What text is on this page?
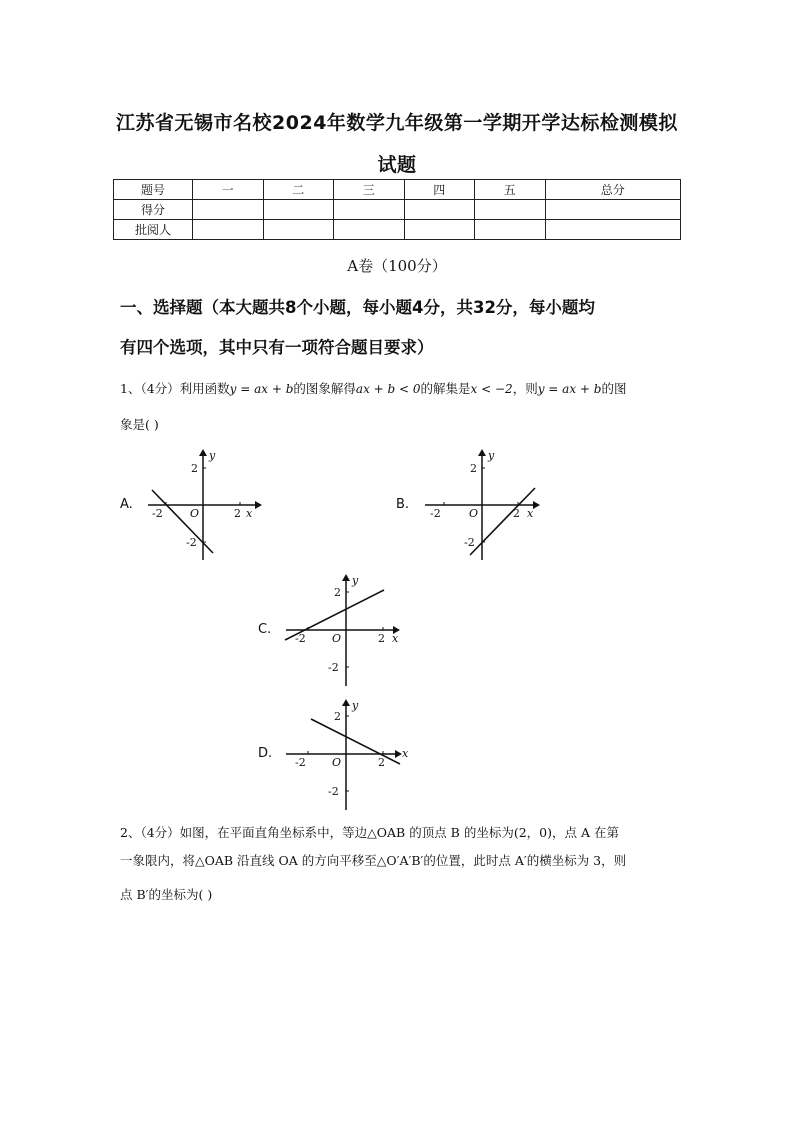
江苏省无锡市名校2024年数学九年级第一学期开学达标检测模拟
试题
题号	一	二	三	四	五	总分
得分						
批阅人						
A卷（100分）
一、选择题（本大题共8个小题，每小题4分，共32分，每小题均
有四个选项，其中只有一项符合题目要求）
1、（4分）利用函数y = ax + b的图象解得ax + b < 0的解集是x < −2，则y = ax + b的图
象是( )
A.
y
x
O
2
2
-2
-2
B.
y
x
O
2
2
-2
-2
C.
y
x
O
2
2
-2
-2
D.
y
x
O
2
2
-2
-2
2、（4分）如图，在平面直角坐标系中，等边△OAB 的顶点 B 的坐标为(2，0)，点 A 在第
一象限内，将△OAB 沿直线 OA 的方向平移至△O′A′B′的位置，此时点 A′的横坐标为 3，则
点 B′的坐标为( )
